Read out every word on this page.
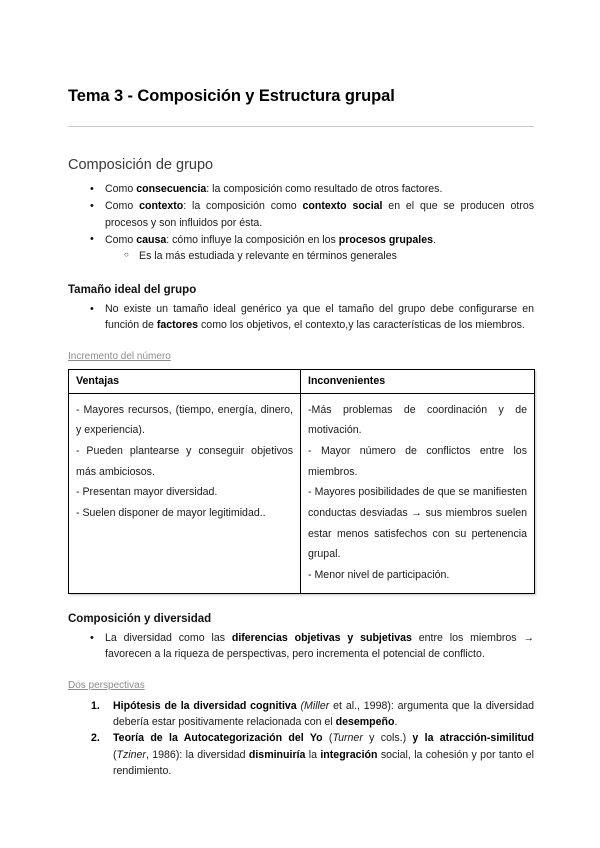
Tema 3 - Composición y Estructura grupal
Composición de grupo
• Como consecuencia: la composición como resultado de otros factores.
• Como contexto: la composición como contexto social en el que se producen otros procesos y son influidos por ésta.
• Como causa: cómo influye la composición en los procesos grupales.
○ Es la más estudiada y relevante en términos generales
Tamaño ideal del grupo
• No existe un tamaño ideal genérico ya que el tamaño del grupo debe configurarse en función de factores como los objetivos, el contexto,y las características de los miembros.
Incremento del número
Ventajas	Inconvenientes

- Mayores recursos, (tiempo, energía, dinero, y experiencia).
- Pueden plantearse y conseguir objetivos más ambiciosos.
- Presentan mayor diversidad.
- Suelen disponer de mayor legitimidad..

-Más problemas de coordinación y de motivación.
- Mayor número de conflictos entre los miembros.
- Mayores posibilidades de que se manifiesten conductas desviadas → sus miembros suelen estar menos satisfechos con su pertenencia grupal.
- Menor nivel de participación.
Composición y diversidad
• La diversidad como las diferencias objetivas y subjetivas entre los miembros → favorecen a la riqueza de perspectivas, pero incrementa el potencial de conflicto.
Dos perspectivas
Hipótesis de la diversidad cognitiva (Miller et al., 1998): argumenta que la diversidad debería estar positivamente relacionada con el desempeño.
Teoría de la Autocategorización del Yo (Turner y cols.) y la atracción-similitud (Tziner, 1986): la diversidad disminuiría la integración social, la cohesión y por tanto el rendimiento.
